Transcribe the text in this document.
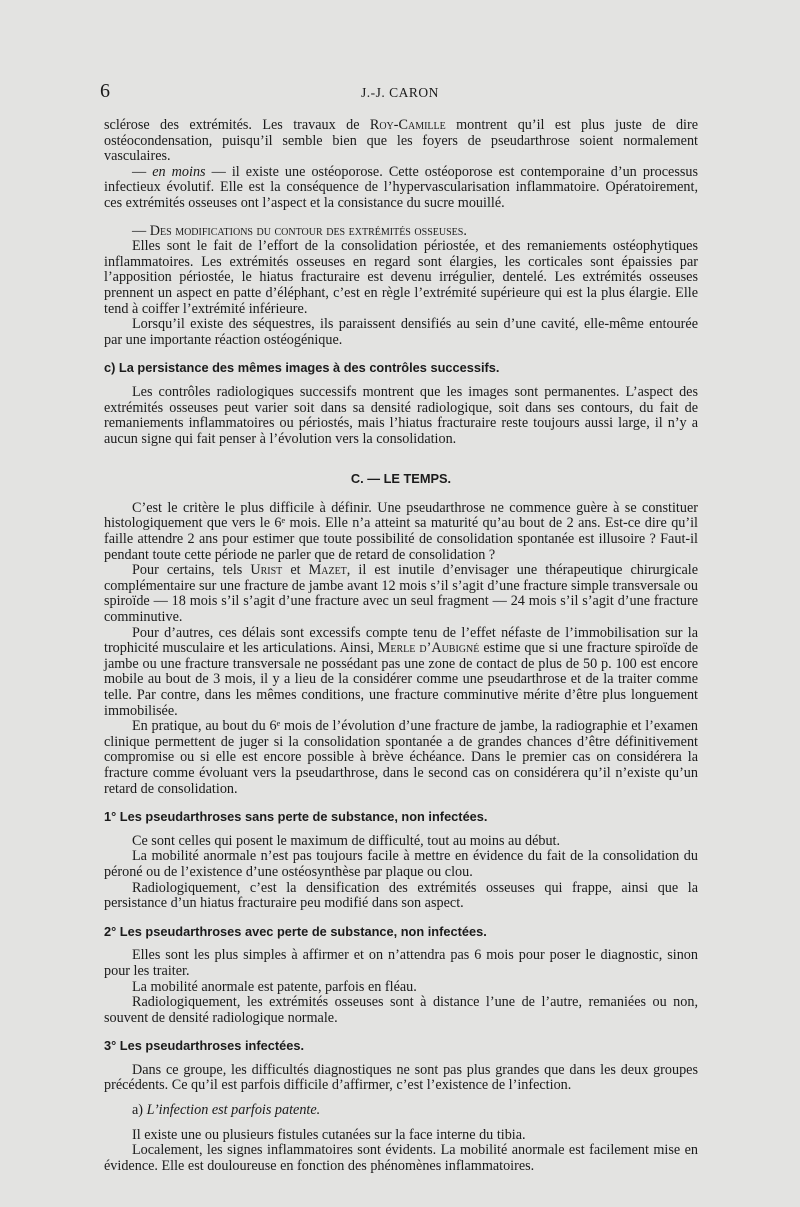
6	J.-J. CARON

sclérose des extrémités. Les travaux de Roy-Camille montrent qu’il est plus juste de dire ostéocondensation, puisqu’il semble bien que les foyers de pseudarthrose soient normalement vasculaires.

— en moins — il existe une ostéoporose. Cette ostéoporose est contemporaine d’un processus infectieux évolutif. Elle est la conséquence de l’hypervascularisation inflammatoire. Opératoirement, ces extrémités osseuses ont l’aspect et la consistance du sucre mouillé.

— Des modifications du contour des extrémités osseuses.

Elles sont le fait de l’effort de la consolidation périostée, et des remaniements ostéophytiques inflammatoires. Les extrémités osseuses en regard sont élargies, les corticales sont épaissies par l’apposition périostée, le hiatus fracturaire est devenu irrégulier, dentelé. Les extrémités osseuses prennent un aspect en patte d’éléphant, c’est en règle l’extrémité supérieure qui est la plus élargie. Elle tend à coiffer l’extrémité inférieure.

Lorsqu’il existe des séquestres, ils paraissent densifiés au sein d’une cavité, elle-même entourée par une importante réaction ostéogénique.

c) La persistance des mêmes images à des contrôles successifs.

Les contrôles radiologiques successifs montrent que les images sont permanentes. L’aspect des extrémités osseuses peut varier soit dans sa densité radiologique, soit dans ses contours, du fait de remaniements inflammatoires ou périostés, mais l’hiatus fracturaire reste toujours aussi large, il n’y a aucun signe qui fait penser à l’évolution vers la consolidation.

C. — LE TEMPS.

C’est le critère le plus difficile à définir. Une pseudarthrose ne commence guère à se constituer histologiquement que vers le 6ᵉ mois. Elle n’a atteint sa maturité qu’au bout de 2 ans. Est-ce dire qu’il faille attendre 2 ans pour estimer que toute possibilité de consolidation spontanée est illusoire ? Faut-il pendant toute cette période ne parler que de retard de consolidation ?

Pour certains, tels Urist et Mazet, il est inutile d’envisager une thérapeutique chirurgicale complémentaire sur une fracture de jambe avant 12 mois s’il s’agit d’une fracture simple transversale ou spiroïde — 18 mois s’il s’agit d’une fracture avec un seul fragment — 24 mois s’il s’agit d’une fracture comminutive.

Pour d’autres, ces délais sont excessifs compte tenu de l’effet néfaste de l’immobilisation sur la trophicité musculaire et les articulations. Ainsi, Merle d’Aubigné estime que si une fracture spiroïde de jambe ou une fracture transversale ne possédant pas une zone de contact de plus de 50 p. 100 est encore mobile au bout de 3 mois, il y a lieu de la considérer comme une pseudarthrose et de la traiter comme telle. Par contre, dans les mêmes conditions, une fracture comminutive mérite d’être plus longuement immobilisée.

En pratique, au bout du 6ᵉ mois de l’évolution d’une fracture de jambe, la radiographie et l’examen clinique permettent de juger si la consolidation spontanée a de grandes chances d’être définitivement compromise ou si elle est encore possible à brève échéance. Dans le premier cas on considérera la fracture comme évoluant vers la pseudarthrose, dans le second cas on considérera qu’il n’existe qu’un retard de consolidation.

1° Les pseudarthroses sans perte de substance, non infectées.

Ce sont celles qui posent le maximum de difficulté, tout au moins au début.

La mobilité anormale n’est pas toujours facile à mettre en évidence du fait de la consolidation du péroné ou de l’existence d’une ostéosynthèse par plaque ou clou.

Radiologiquement, c’est la densification des extrémités osseuses qui frappe, ainsi que la persistance d’un hiatus fracturaire peu modifié dans son aspect.

2° Les pseudarthroses avec perte de substance, non infectées.

Elles sont les plus simples à affirmer et on n’attendra pas 6 mois pour poser le diagnostic, sinon pour les traiter.

La mobilité anormale est patente, parfois en fléau.

Radiologiquement, les extrémités osseuses sont à distance l’une de l’autre, remaniées ou non, souvent de densité radiologique normale.

3° Les pseudarthroses infectées.

Dans ce groupe, les difficultés diagnostiques ne sont pas plus grandes que dans les deux groupes précédents. Ce qu’il est parfois difficile d’affirmer, c’est l’existence de l’infection.

a) L’infection est parfois patente.

Il existe une ou plusieurs fistules cutanées sur la face interne du tibia.

Localement, les signes inflammatoires sont évidents. La mobilité anormale est facilement mise en évidence. Elle est douloureuse en fonction des phénomènes inflammatoires.
